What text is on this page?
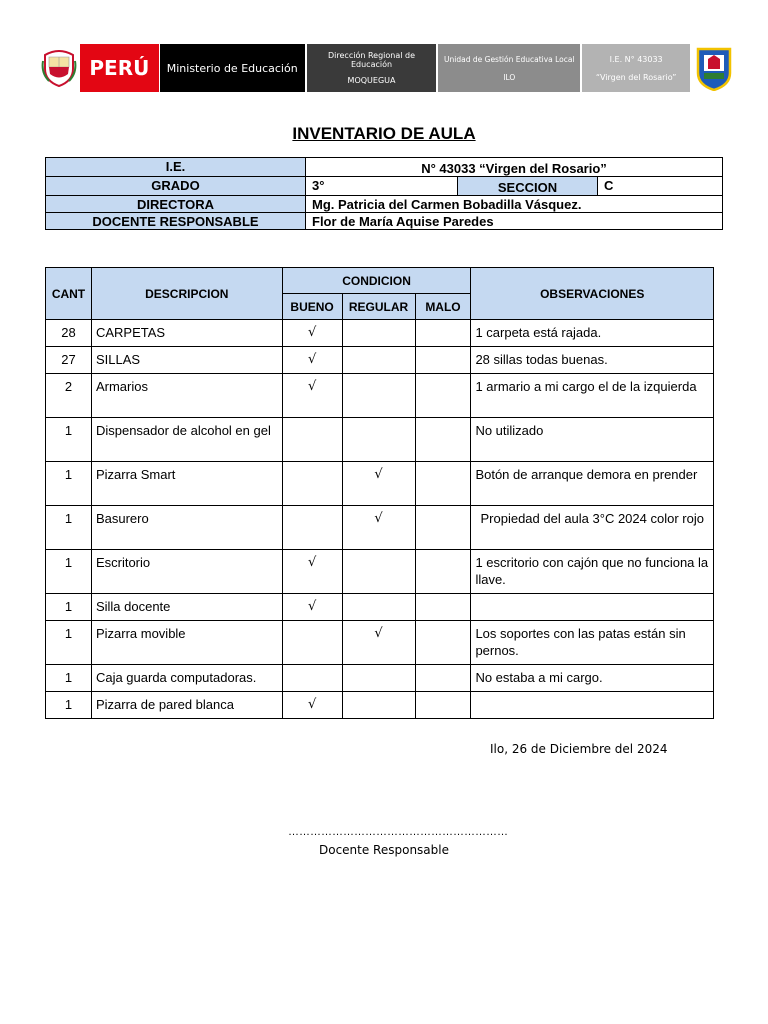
PERÚ	Ministerio de Educación
Dirección Regional de Educación
MOQUEGUA
Unidad de Gestión Educativa Local
ILO
I.E. N° 43033
“Virgen del Rosario”
INVENTARIO DE AULA
I.E.	N° 43033 “Virgen del Rosario”		
GRADO	3°	SECCION	C
DIRECTORA	Mg. Patricia del Carmen Bobadilla Vásquez.		
DOCENTE RESPONSABLE	Flor de María Aquise Paredes		
CANT	DESCRIPCION	CONDICION			OBSERVACIONES
		BUENO	REGULAR	MALO	
28	CARPETAS	√			1 carpeta está rajada.
27	SILLAS	√			28 sillas todas buenas.
2	Armarios	√			1 armario a mi cargo el de la izquierda
1	Dispensador de alcohol en gel				No utilizado
1	Pizarra Smart		√		Botón de arranque demora en prender
1	Basurero		√		Propiedad del aula 3°C 2024 color rojo
1	Escritorio	√			1 escritorio con cajón que no funciona la llave.
1	Silla docente	√			
1	Pizarra movible		√		Los soportes con las patas están sin pernos.
1	Caja guarda computadoras.				No estaba a mi cargo.
1	Pizarra de pared blanca	√			
Ilo, 26 de Diciembre del 2024
……………………………………………………
Docente Responsable
